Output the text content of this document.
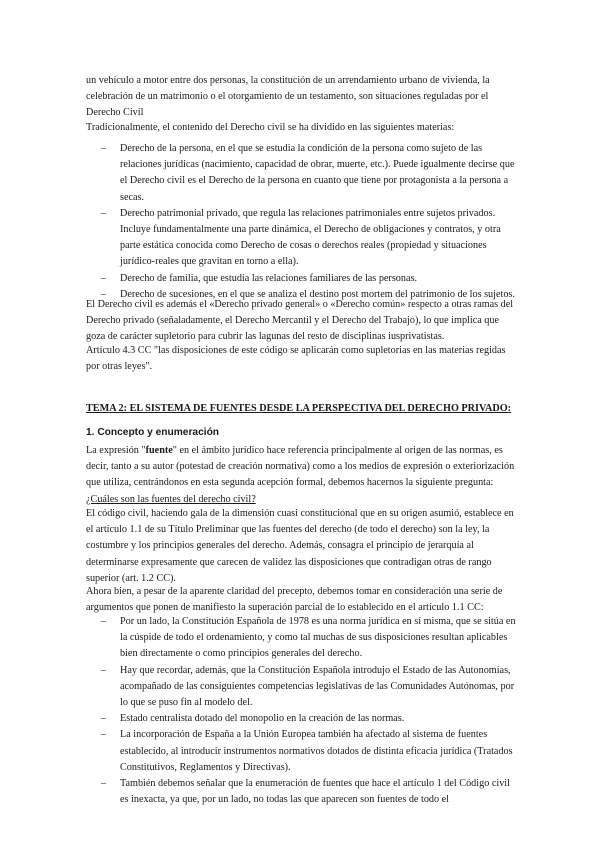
un vehículo a motor entre dos personas, la constitución de un arrendamiento urbano de vivienda, la celebración de un matrimonio o el otorgamiento de un testamento, son situaciones reguladas por el Derecho Civil

Tradicionalmente, el contenido del Derecho civil se ha dividido en las siguientes materias:

– Derecho de la persona, en el que se estudia la condición de la persona como sujeto de las relaciones jurídicas (nacimiento, capacidad de obrar, muerte, etc.). Puede igualmente decirse que el Derecho civil es el Derecho de la persona en cuanto que tiene por protagonista a la persona a secas.
– Derecho patrimonial privado, que regula las relaciones patrimoniales entre sujetos privados. Incluye fundamentalmente una parte dinámica, el Derecho de obligaciones y contratos, y otra parte estática conocida como Derecho de cosas o derechos reales (propiedad y situaciones jurídico-reales que gravitan en torno a ella).
– Derecho de familia, que estudia las relaciones familiares de las personas.
– Derecho de sucesiones, en el que se analiza el destino post mortem del patrimonio de los sujetos.

El Derecho civil es además el «Derecho privado general» o «Derecho común» respecto a otras ramas del Derecho privado (señaladamente, el Derecho Mercantil y el Derecho del Trabajo), lo que implica que goza de carácter supletorio para cubrir las lagunas del resto de disciplinas iusprivatistas.

Artículo 4.3 CC "las disposiciones de este código se aplicarán como supletorias en las materias regidas por otras leyes".

TEMA 2: EL SISTEMA DE FUENTES DESDE LA PERSPECTIVA DEL DERECHO PRIVADO:

1. Concepto y enumeración

La expresión "fuente" en el ámbito jurídico hace referencia principalmente al origen de las normas, es decir, tanto a su autor (potestad de creación normativa) como a los medios de expresión o exteriorización que utiliza, centrándonos en esta segunda acepción formal, debemos hacernos la siguiente pregunta: ¿Cuáles son las fuentes del derecho civil?

El código civil, haciendo gala de la dimensión cuasi constitucional que en su origen asumió, establece en el artículo 1.1 de su Título Preliminar que las fuentes del derecho (de todo el derecho) son la ley, la costumbre y los principios generales del derecho. Además, consagra el principio de jerarquía al determinarse expresamente que carecen de validez las disposiciones que contradigan otras de rango superior (art. 1.2 CC).

Ahora bien, a pesar de la aparente claridad del precepto, debemos tomar en consideración una serie de argumentos que ponen de manifiesto la superación parcial de lo establecido en el artículo 1.1 CC:

– Por un lado, la Constitución Española de 1978 es una norma jurídica en sí misma, que se sitúa en la cúspide de todo el ordenamiento, y como tal muchas de sus disposiciones resultan aplicables bien directamente o como principios generales del derecho.
– Hay que recordar, además, que la Constitución Española introdujo el Estado de las Autonomías, acompañado de las consiguientes competencias legislativas de las Comunidades Autónomas, por lo que se puso fin al modelo del.
– Estado centralista dotado del monopolio en la creación de las normas.
– La incorporación de España a la Unión Europea también ha afectado al sistema de fuentes establecido, al introducir instrumentos normativos dotados de distinta eficacia jurídica (Tratados Constitutivos, Reglamentos y Directivas).
– También debemos señalar que la enumeración de fuentes que hace el artículo 1 del Código civil es inexacta, ya que, por un lado, no todas las que aparecen son fuentes de todo el
